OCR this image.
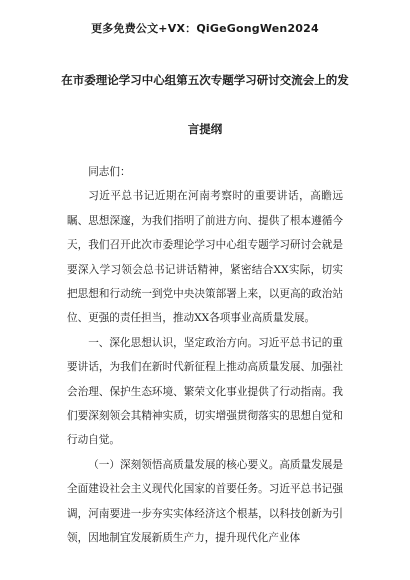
更多免费公文+VX：QiGeGongWen2024
在市委理论学习中心组第五次专题学习研讨交流会上的发
言提纲

同志们：

习近平总书记近期在河南考察时的重要讲话，高瞻远瞩、思想深邃，为我们指明了前进方向、提供了根本遵循今天，我们召开此次市委理论学习中心组专题学习研讨会就是要深入学习领会总书记讲话精神，紧密结合XX实际，切实把思想和行动统一到党中央决策部署上来，以更高的政治站位、更强的责任担当，推动XX各项事业高质量发展。

一、深化思想认识，坚定政治方向。习近平总书记的重要讲话，为我们在新时代新征程上推动高质量发展、加强社会治理、保护生态环境、繁荣文化事业提供了行动指南。我们要深刻领会其精神实质，切实增强贯彻落实的思想自觉和行动自觉。

（一）深刻领悟高质量发展的核心要义。高质量发展是全面建设社会主义现代化国家的首要任务。习近平总书记强调，河南要进一步夯实实体经济这个根基，以科技创新为引领，因地制宜发展新质生产力，提升现代化产业体
